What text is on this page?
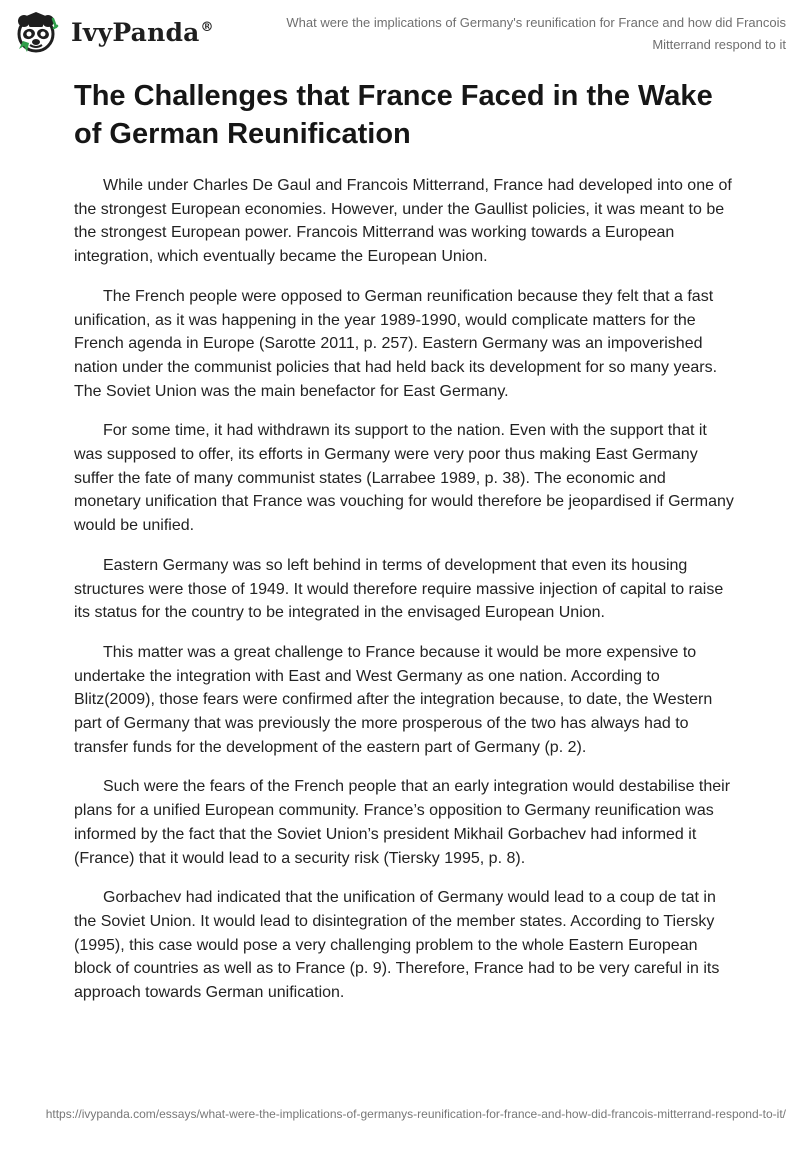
IvyPanda®	What were the implications of Germany's reunification for France and how did Francois Mitterrand respond to it
The Challenges that France Faced in the Wake of German Reunification

While under Charles De Gaul and Francois Mitterrand, France had developed into one of the strongest European economies. However, under the Gaullist policies, it was meant to be the strongest European power. Francois Mitterrand was working towards a European integration, which eventually became the European Union.

The French people were opposed to German reunification because they felt that a fast unification, as it was happening in the year 1989-1990, would complicate matters for the French agenda in Europe (Sarotte 2011, p. 257). Eastern Germany was an impoverished nation under the communist policies that had held back its development for so many years. The Soviet Union was the main benefactor for East Germany.

For some time, it had withdrawn its support to the nation. Even with the support that it was supposed to offer, its efforts in Germany were very poor thus making East Germany suffer the fate of many communist states (Larrabee 1989, p. 38). The economic and monetary unification that France was vouching for would therefore be jeopardised if Germany would be unified.

Eastern Germany was so left behind in terms of development that even its housing structures were those of 1949. It would therefore require massive injection of capital to raise its status for the country to be integrated in the envisaged European Union.

This matter was a great challenge to France because it would be more expensive to undertake the integration with East and West Germany as one nation. According to Blitz(2009), those fears were confirmed after the integration because, to date, the Western part of Germany that was previously the more prosperous of the two has always had to transfer funds for the development of the eastern part of Germany (p. 2).

Such were the fears of the French people that an early integration would destabilise their plans for a unified European community. France’s opposition to Germany reunification was informed by the fact that the Soviet Union’s president Mikhail Gorbachev had informed it (France) that it would lead to a security risk (Tiersky 1995, p. 8).

Gorbachev had indicated that the unification of Germany would lead to a coup de tat in the Soviet Union. It would lead to disintegration of the member states. According to Tiersky (1995), this case would pose a very challenging problem to the whole Eastern European block of countries as well as to France (p. 9). Therefore, France had to be very careful in its approach towards German unification.

https://ivypanda.com/essays/what-were-the-implications-of-germanys-reunification-for-france-and-how-did-francois-mitterrand-respond-to-it/
